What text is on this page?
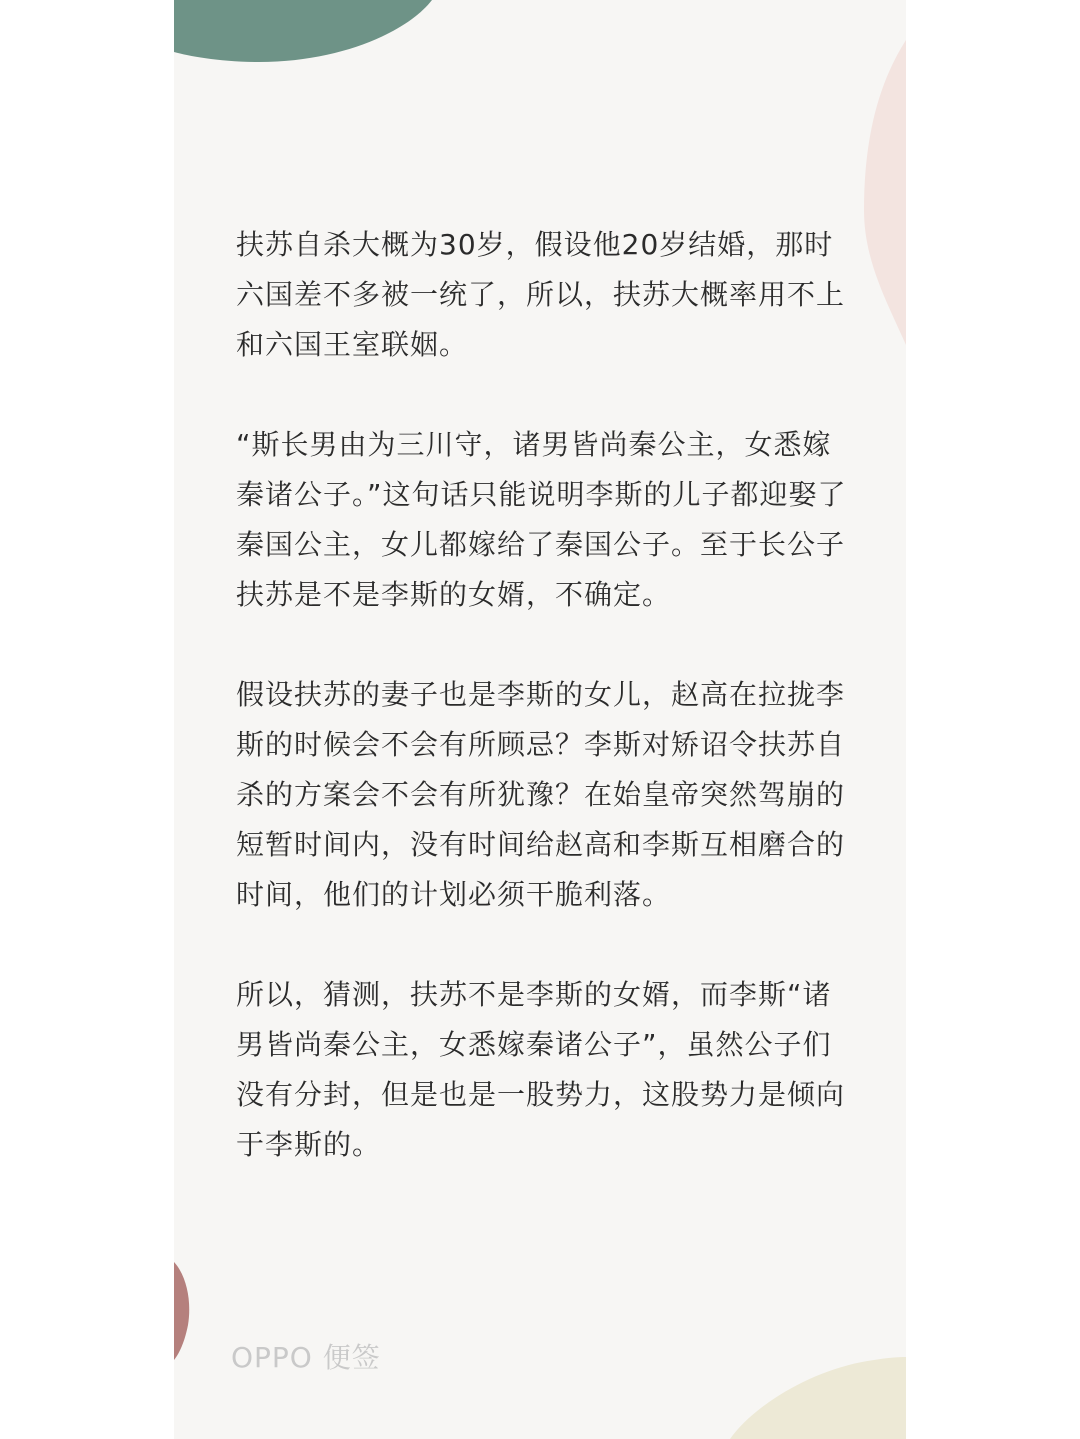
扶苏自杀大概为30岁，假设他20岁结婚，那时六国差不多被一统了，所以，扶苏大概率用不上和六国王室联姻。

“斯长男由为三川守，诸男皆尚秦公主，女悉嫁秦诸公子。”这句话只能说明李斯的儿子都迎娶了秦国公主，女儿都嫁给了秦国公子。至于长公子扶苏是不是李斯的女婿，不确定。

假设扶苏的妻子也是李斯的女儿，赵高在拉拢李斯的时候会不会有所顾忌？李斯对矫诏令扶苏自杀的方案会不会有所犹豫？在始皇帝突然驾崩的短暂时间内，没有时间给赵高和李斯互相磨合的时间，他们的计划必须干脆利落。

所以，猜测，扶苏不是李斯的女婿，而李斯“诸男皆尚秦公主，女悉嫁秦诸公子”，虽然公子们没有分封，但是也是一股势力，这股势力是倾向于李斯的。

OPPO 便签
